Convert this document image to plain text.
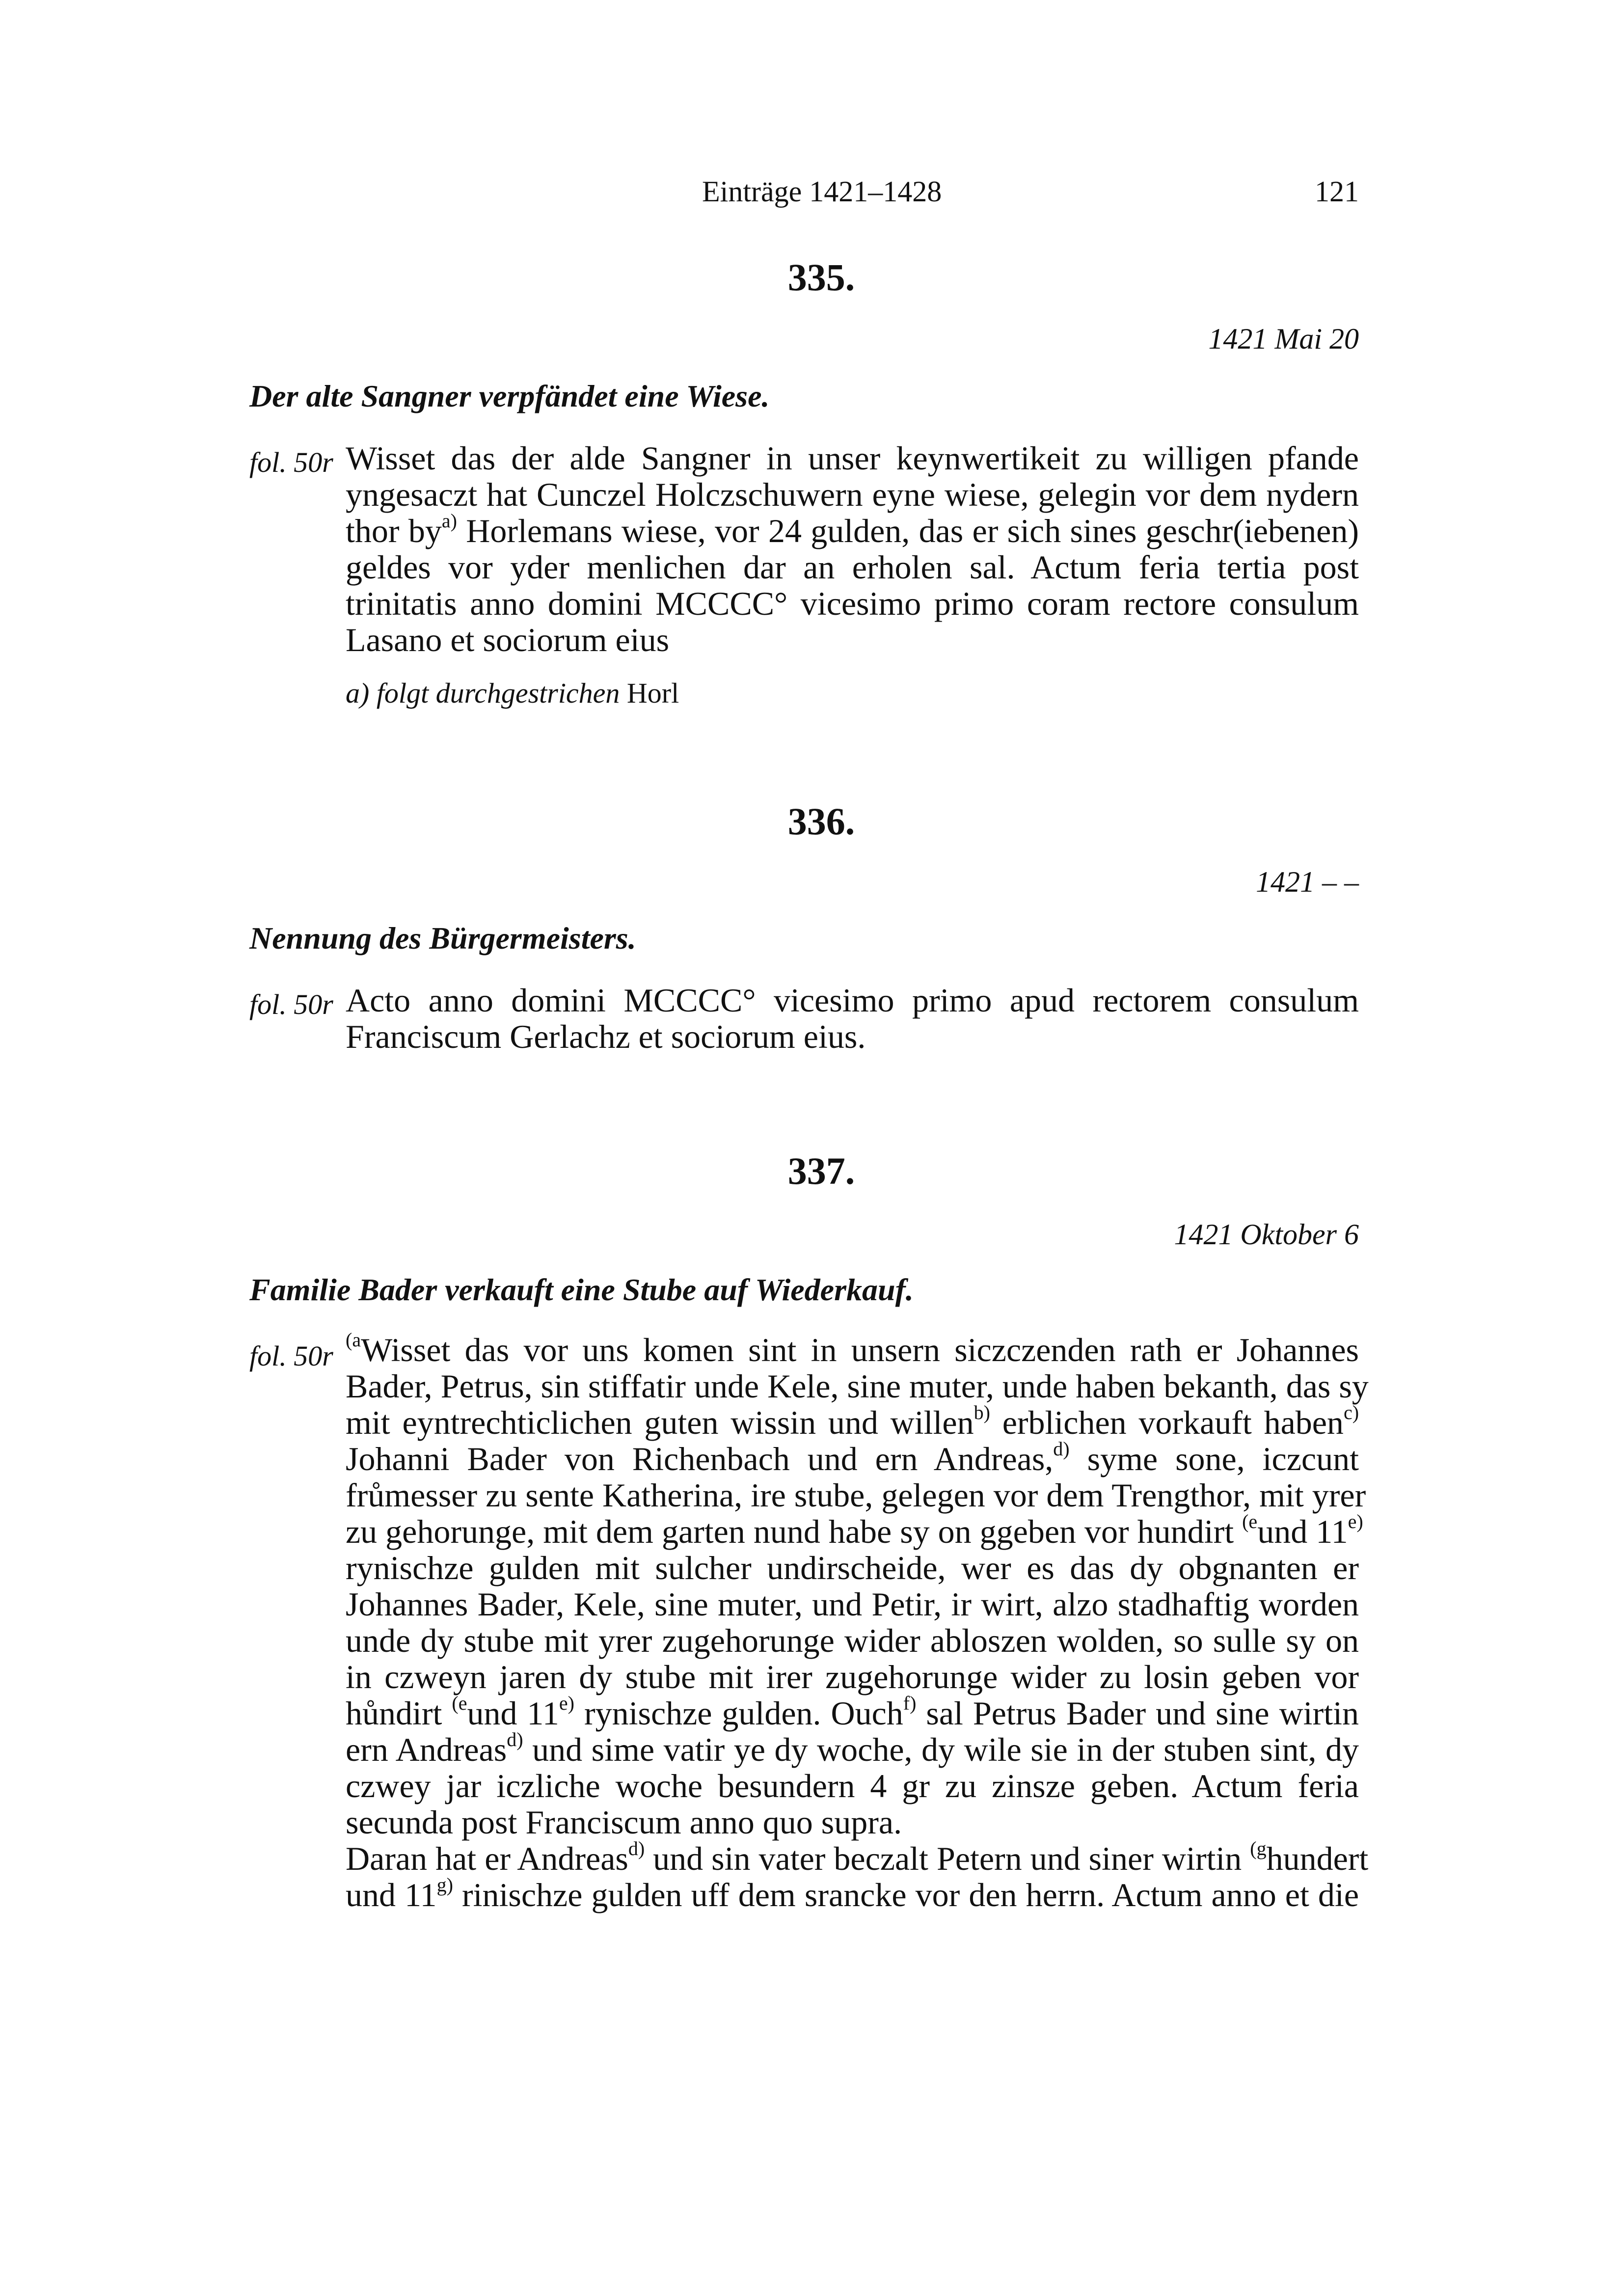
Einträge 1421–1428	121
335.
1421 Mai 20
Der alte Sangner verpfändet eine Wiese.
fol. 50r Wisset das der alde Sangner in unser keynwertikeit zu willigen pfande
yngesaczt hat Cunczel Holczschuwern eyne wiese, gelegin vor dem nydern
thor $by^{a)}$ Horlemans wiese, vor 24 gulden, das er sich sines geschr(iebenen)
geldes vor yder menlichen dar an erholen sal. Actum feria tertia post
trinitatis anno domini MCCCC° vicesimo primo coram rectore consulum
Lasano et sociorum eius
a) folgt durchgestrichen Horl
336.
1421 – –
Nennung des Bürgermeisters.
fol. 50r Acto anno domini MCCCC° vicesimo primo apud rectorem consulum
Franciscum Gerlachz et sociorum eius.
337.
1421 Oktober 6
Familie Bader verkauft eine Stube auf Wiederkauf.
fol. 50r
$^{(a}$Wisset das vor uns komen sint in unsern siczczenden rath er Johannes
Bader, Petrus, sin stiffatir unde Kele, sine muter, unde haben bekanth, das sy
mit eyntrechticlichen guten wissin und willen$^{b)}$ erblichen vorkauft haben$^{c)}$
Johanni Bader von Richenbach und ern Andreas,$^{d)}$ syme sone, iczcunt
frůmesser zu sente Katherina, ire stube, gelegen vor dem Trengthor, mit yrer
zu gehorunge, mit dem garten nund habe sy on ggeben vor hundirt $^{(e}$und 11$^{e)}$
rynischze gulden mit sulcher undirscheide, wer es das dy obgnanten er
Johannes Bader, Kele, sine muter, und Petir, ir wirt, alzo stadhaftig worden
unde dy stube mit yrer zugehorunge wider abloszen wolden, so sulle sy on
in czweyn jaren dy stube mit irer zugehorunge wider zu losin geben vor
hůndirt $^{(e}$und 11$^{e)}$ rynischze gulden. Ouch$^{f)}$ sal Petrus Bader und sine wirtin
ern Andreas$^{d)}$ und sime vatir ye dy woche, dy wile sie in der stuben sint, dy
czwey jar iczliche woche besundern 4 gr zu zinsze geben. Actum feria
secunda post Franciscum anno quo supra.
Daran hat er Andreas$^{d)}$ und sin vater beczalt Petern und siner wirtin $^{(g}$hundert
und 11$^{g)}$ rinischze gulden uff dem srancke vor den herrn. Actum anno et die
